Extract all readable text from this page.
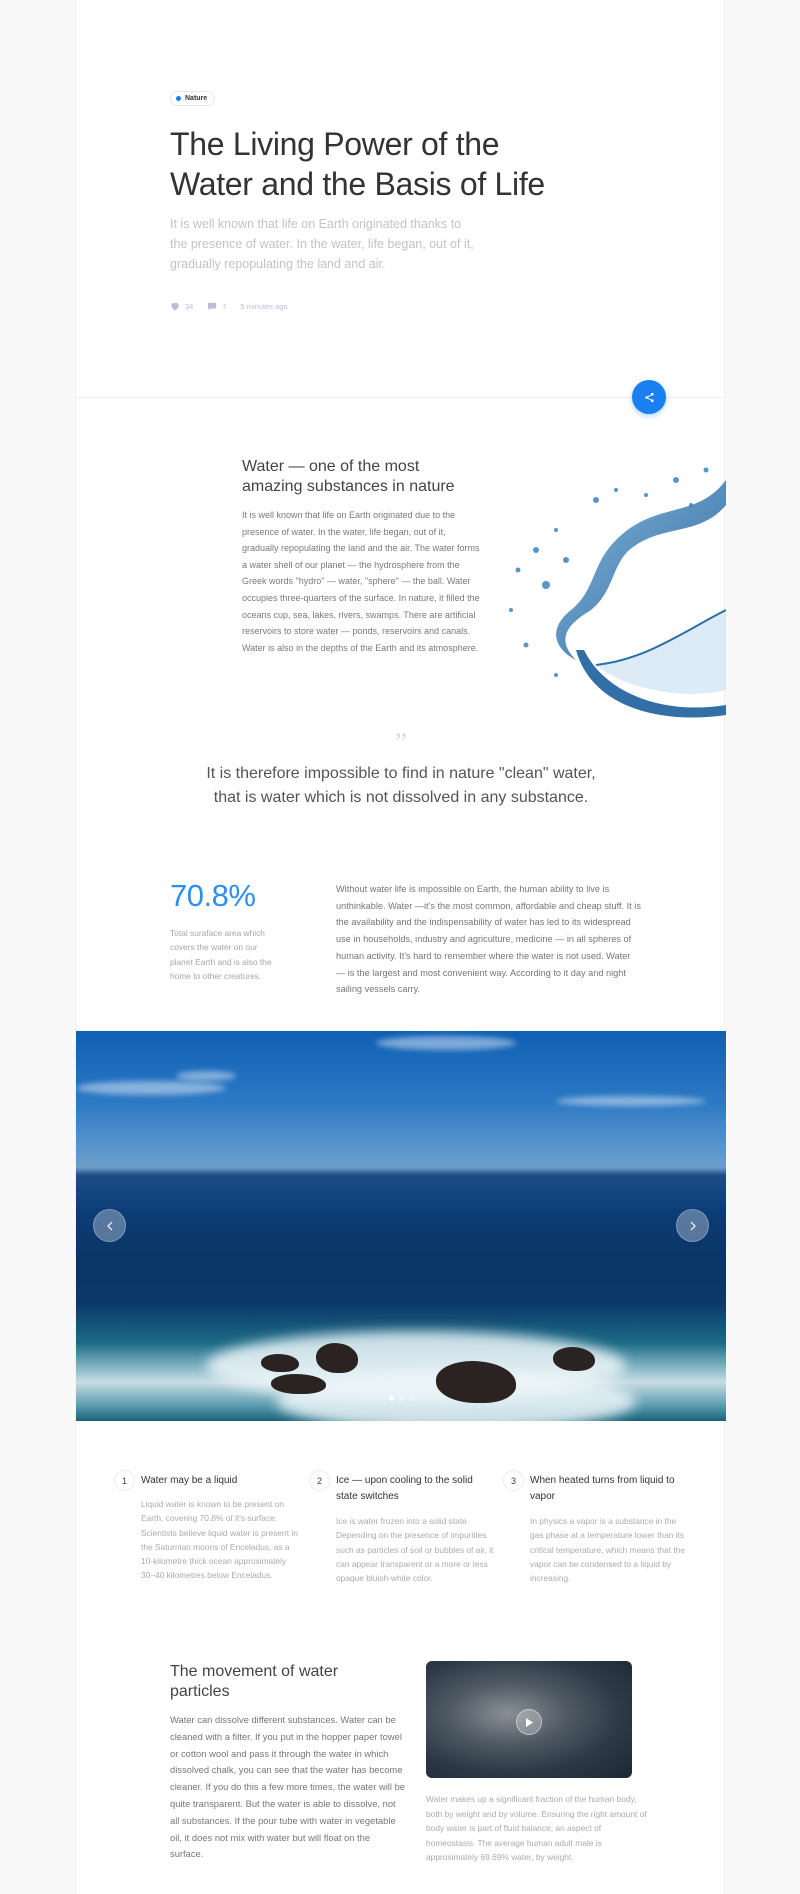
Nature
The Living Power of the Water and the Basis of Life

It is well known that life on Earth originated thanks to the presence of water. In the water, life began, out of it, gradually repopulating the land and air.

34	7 5 minutes ago
Water — one of the most amazing substances in nature

It is well known that life on Earth originated due to the presence of water. In the water, life began, out of it, gradually repopulating the land and the air. The water forms a water shell of our planet — the hydrosphere from the Greek words "hydro" — water, "sphere" — the ball. Water occupies three-quarters of the surface. In nature, it filled the oceans cup, sea, lakes, rivers, swamps. There are artificial reservoirs to store water — ponds, reservoirs and canals. Water is also in the depths of the Earth and its atmosphere.

”
It is therefore impossible to find in nature "clean" water, that is water which is not dissolved in any substance.
70.8%

Total suraface area which covers the water on our planet Earth and is also the home to other creatures.

Without water life is impossible on Earth, the human ability to live is unthinkable. Water —it's the most common, affordable and cheap stuff. It is the availability and the indispensability of water has led to its widespread use in households, industry and agriculture, medicine — in all spheres of human activity. It's hard to remember where the water is not used. Water — is the largest and most convenient way. According to it day and night sailing vessels carry.

1	Water may be a liquid

Liquid water is known to be present on Earth, covering 70.8% of it's surface. Scientists believe liquid water is present in the Saturnian moons of Enceladus, as a 10-kilometre thick ocean approximately 30–40 kilometres below Enceladus.

2	Ice — upon cooling to the solid state switches

Ice is water frozen into a solid state. Depending on the presence of impurities such as particles of soil or bubbles of air, it can appear transparent or a more or less opaque bluish-white color.

3	When heated turns from liquid to vapor

In physics a vapor is a substance in the gas phase at a temperature lower than its critical temperature, which means that the vapor can be condensed to a liquid by increasing.

The movement of water particles

Water can dissolve different substances. Water can be cleaned with a filter. If you put in the hopper paper towel or cotton wool and pass it through the water in which dissolved chalk, you can see that the water has become cleaner. If you do this a few more times, the water will be quite transparent. But the water is able to dissolve, not all substances. If the pour tube with water in vegetable oil, it does not mix with water but will float on the surface.

Water makes up a significant fraction of the human body, both by weight and by volume. Ensuring the right amount of body water is part of fluid balance, an aspect of homeostasis. The average human adult male is approximately 69.69% water, by weight.
